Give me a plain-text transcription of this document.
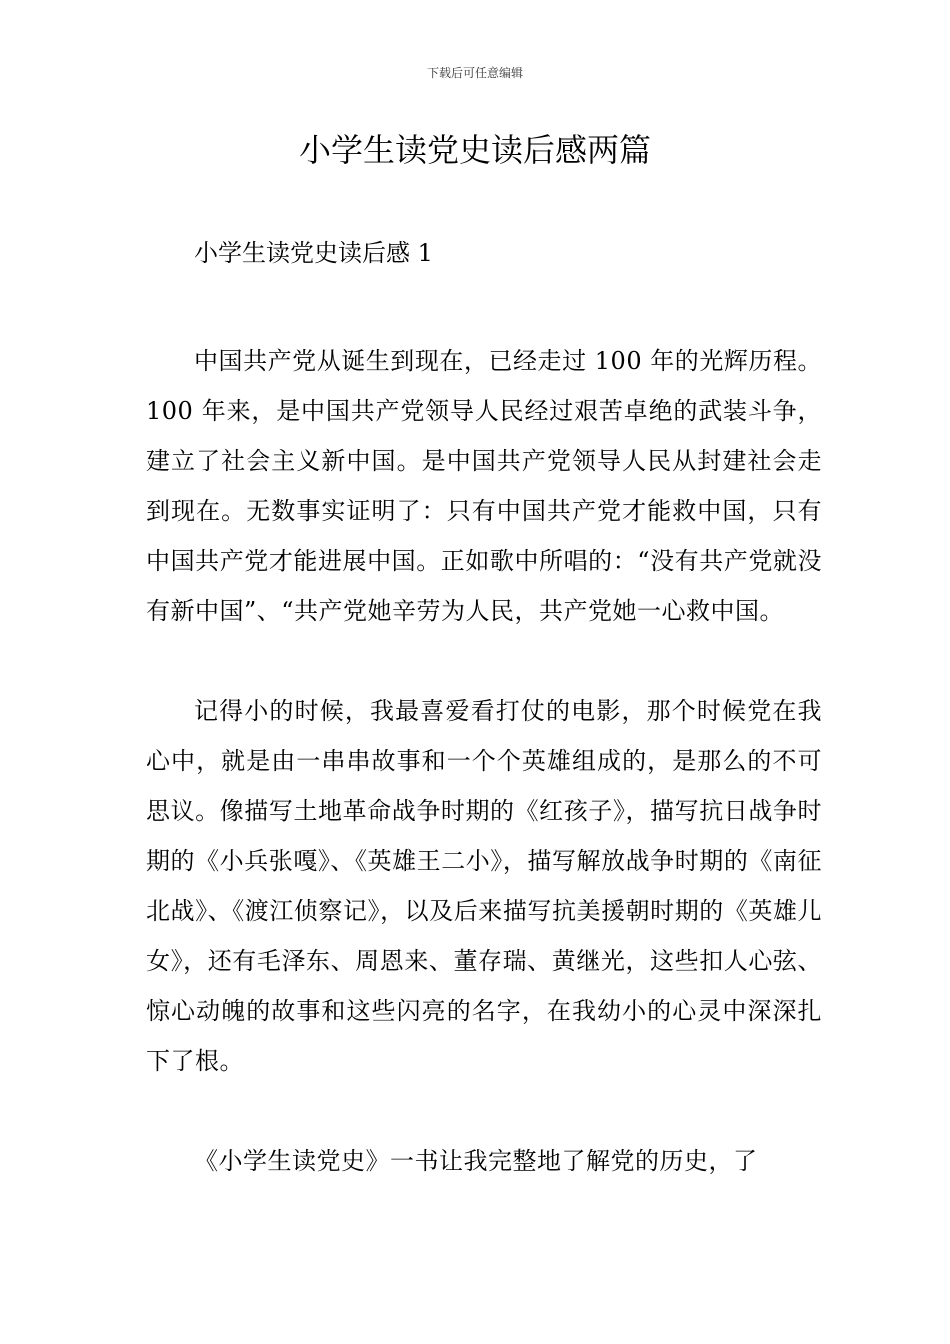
下载后可任意编辑
小学生读党史读后感两篇

小学生读党史读后感 1

中国共产党从诞生到现在，已经走过 100 年的光辉历程。100 年来，是中国共产党领导人民经过艰苦卓绝的武装斗争，建立了社会主义新中国。是中国共产党领导人民从封建社会走到现在。无数事实证明了：只有中国共产党才能救中国，只有中国共产党才能进展中国。正如歌中所唱的：“没有共产党就没有新中国”、“共产党她辛劳为人民，共产党她一心救中国。

记得小的时候，我最喜爱看打仗的电影，那个时候党在我心中，就是由一串串故事和一个个英雄组成的，是那么的不可思议。像描写土地革命战争时期的《红孩子》，描写抗日战争时期的《小兵张嘎》、《英雄王二小》，描写解放战争时期的《南征北战》、《渡江侦察记》，以及后来描写抗美援朝时期的《英雄儿女》，还有毛泽东、周恩来、董存瑞、黄继光，这些扣人心弦、惊心动魄的故事和这些闪亮的名字，在我幼小的心灵中深深扎下了根。

《小学生读党史》一书让我完整地了解党的历史，了
